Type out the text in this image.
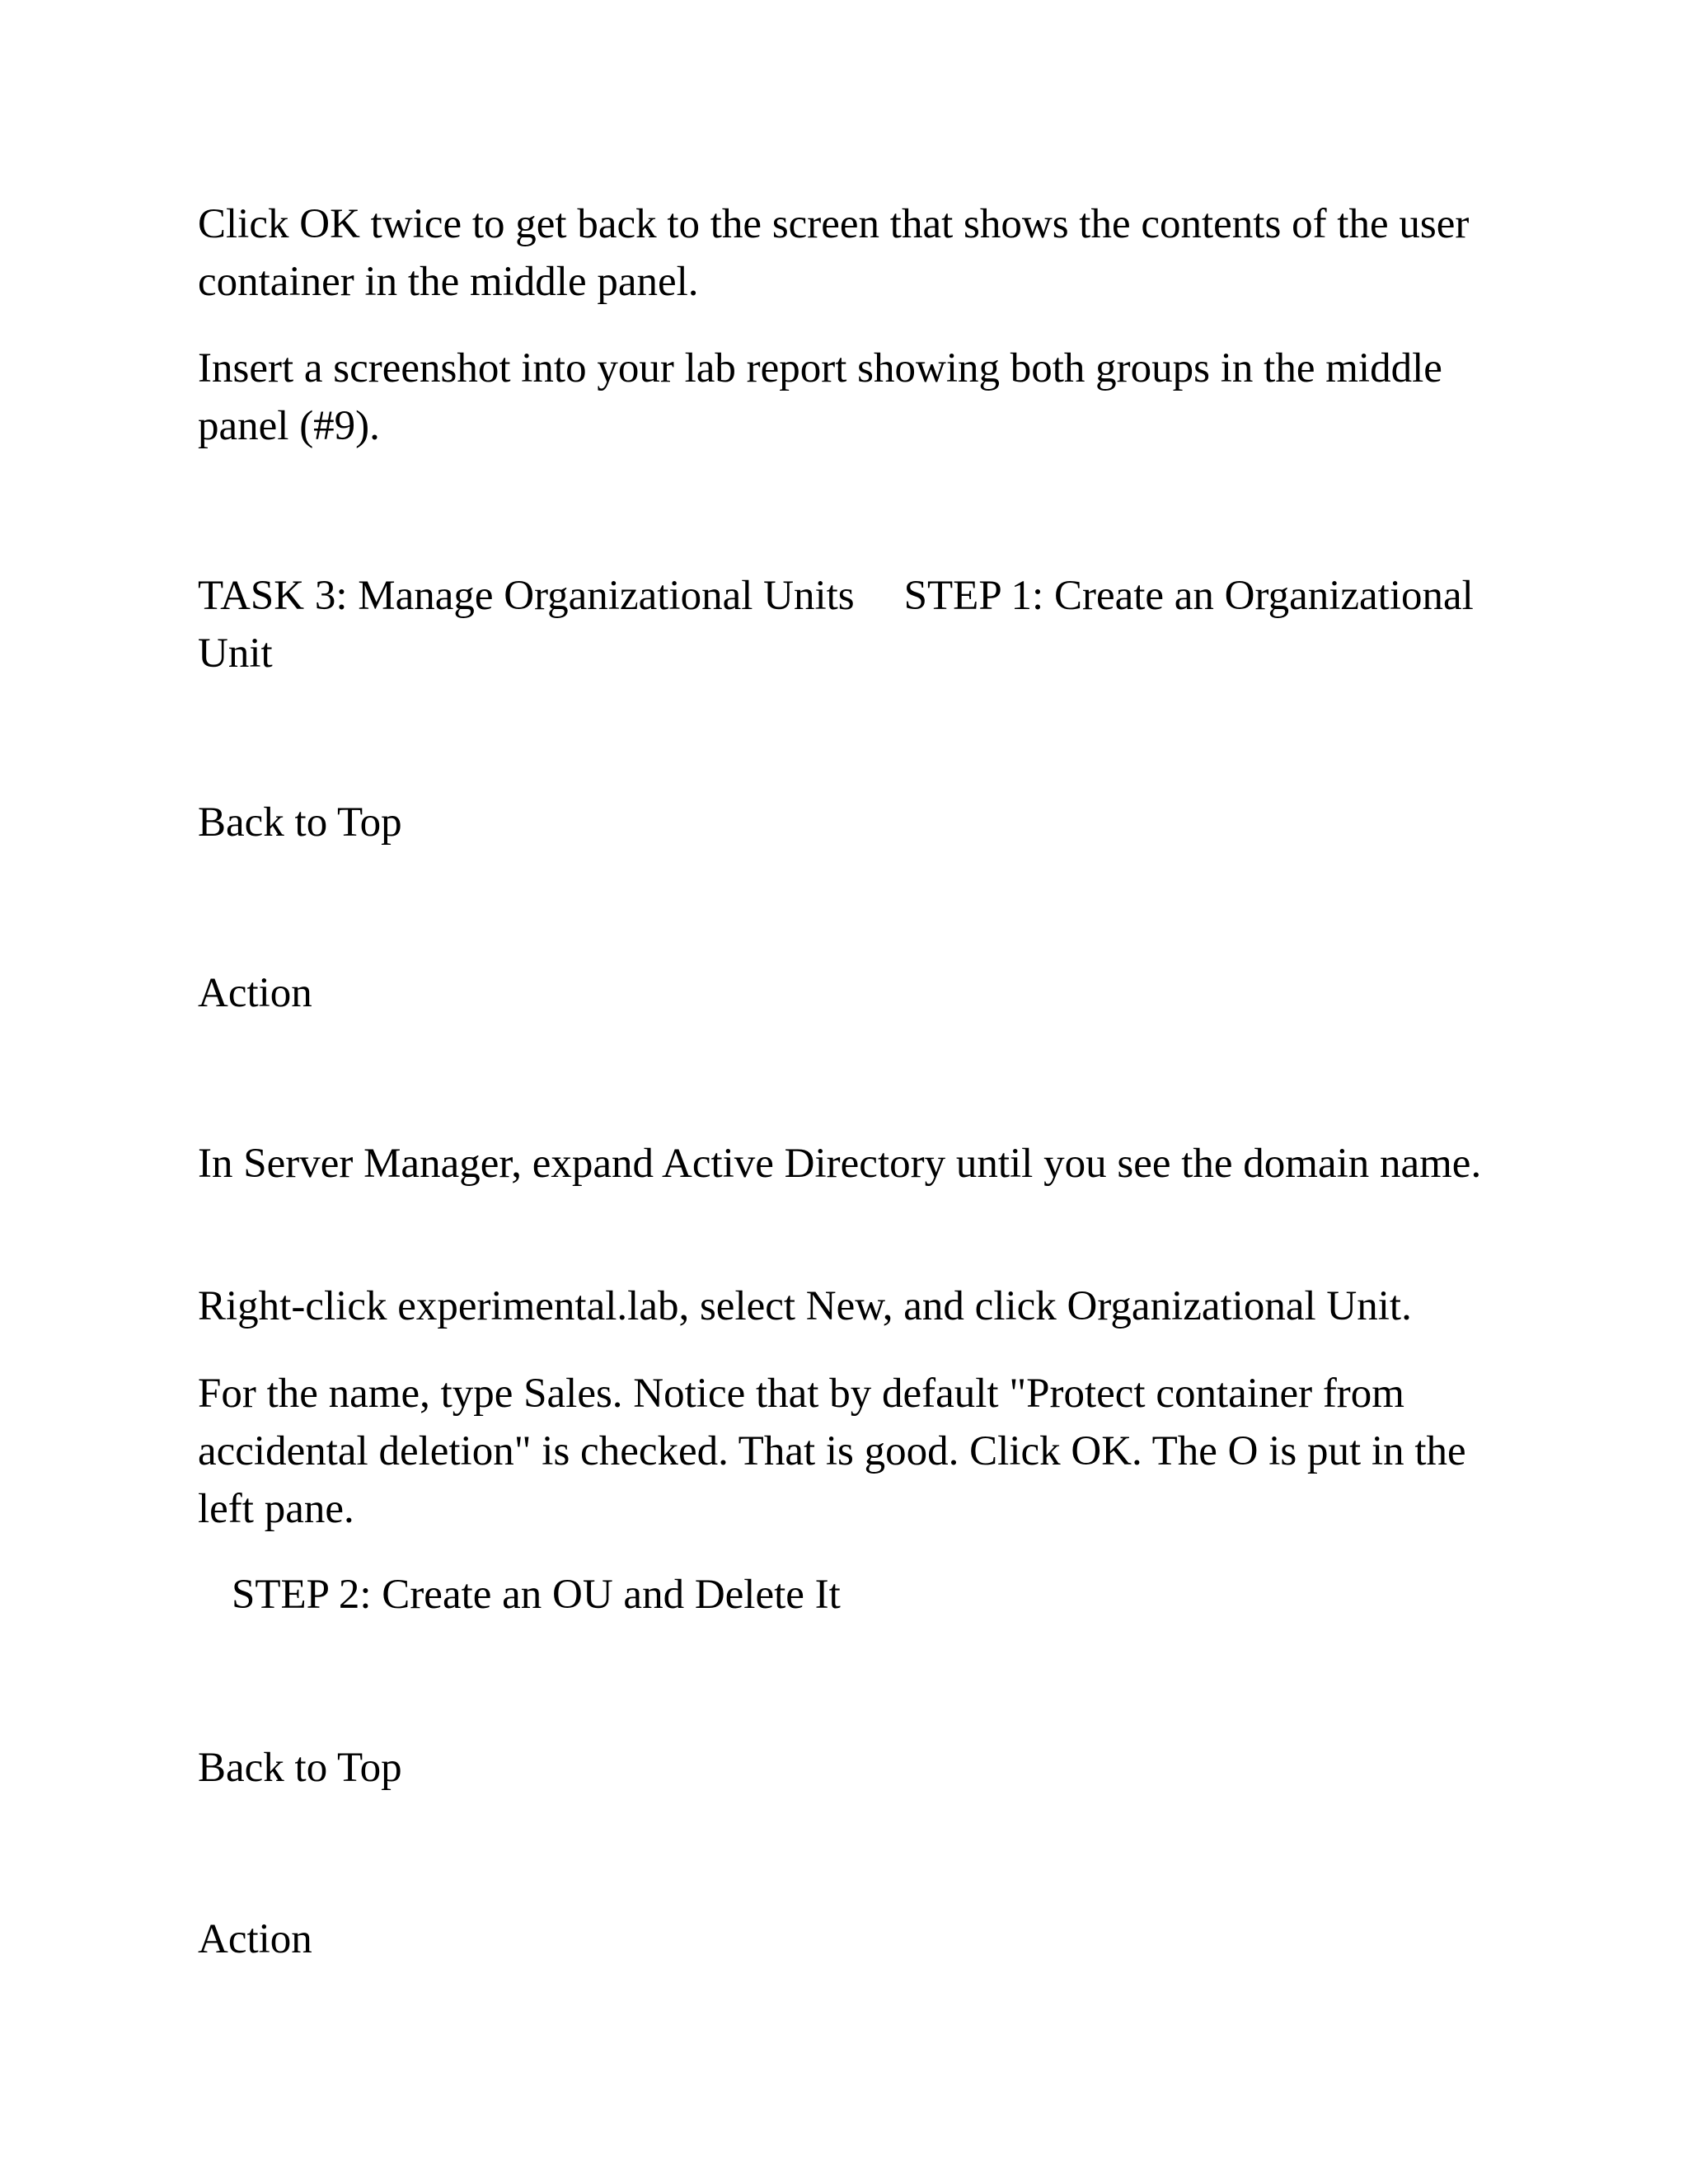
Click OK twice to get back to the screen that shows the contents of the user container in the middle panel.

Insert a screenshot into your lab report showing both groups in the middle panel (#9).

TASK 3: Manage Organizational Units STEP 1: Create an Organizational Unit

Back to Top

Action

In Server Manager, expand Active Directory until you see the domain name.

Right-click experimental.lab, select New, and click Organizational Unit.

For the name, type Sales. Notice that by default "Protect container from accidental deletion" is checked. That is good. Click OK. The O is put in the left pane.

STEP 2: Create an OU and Delete It

Back to Top

Action
